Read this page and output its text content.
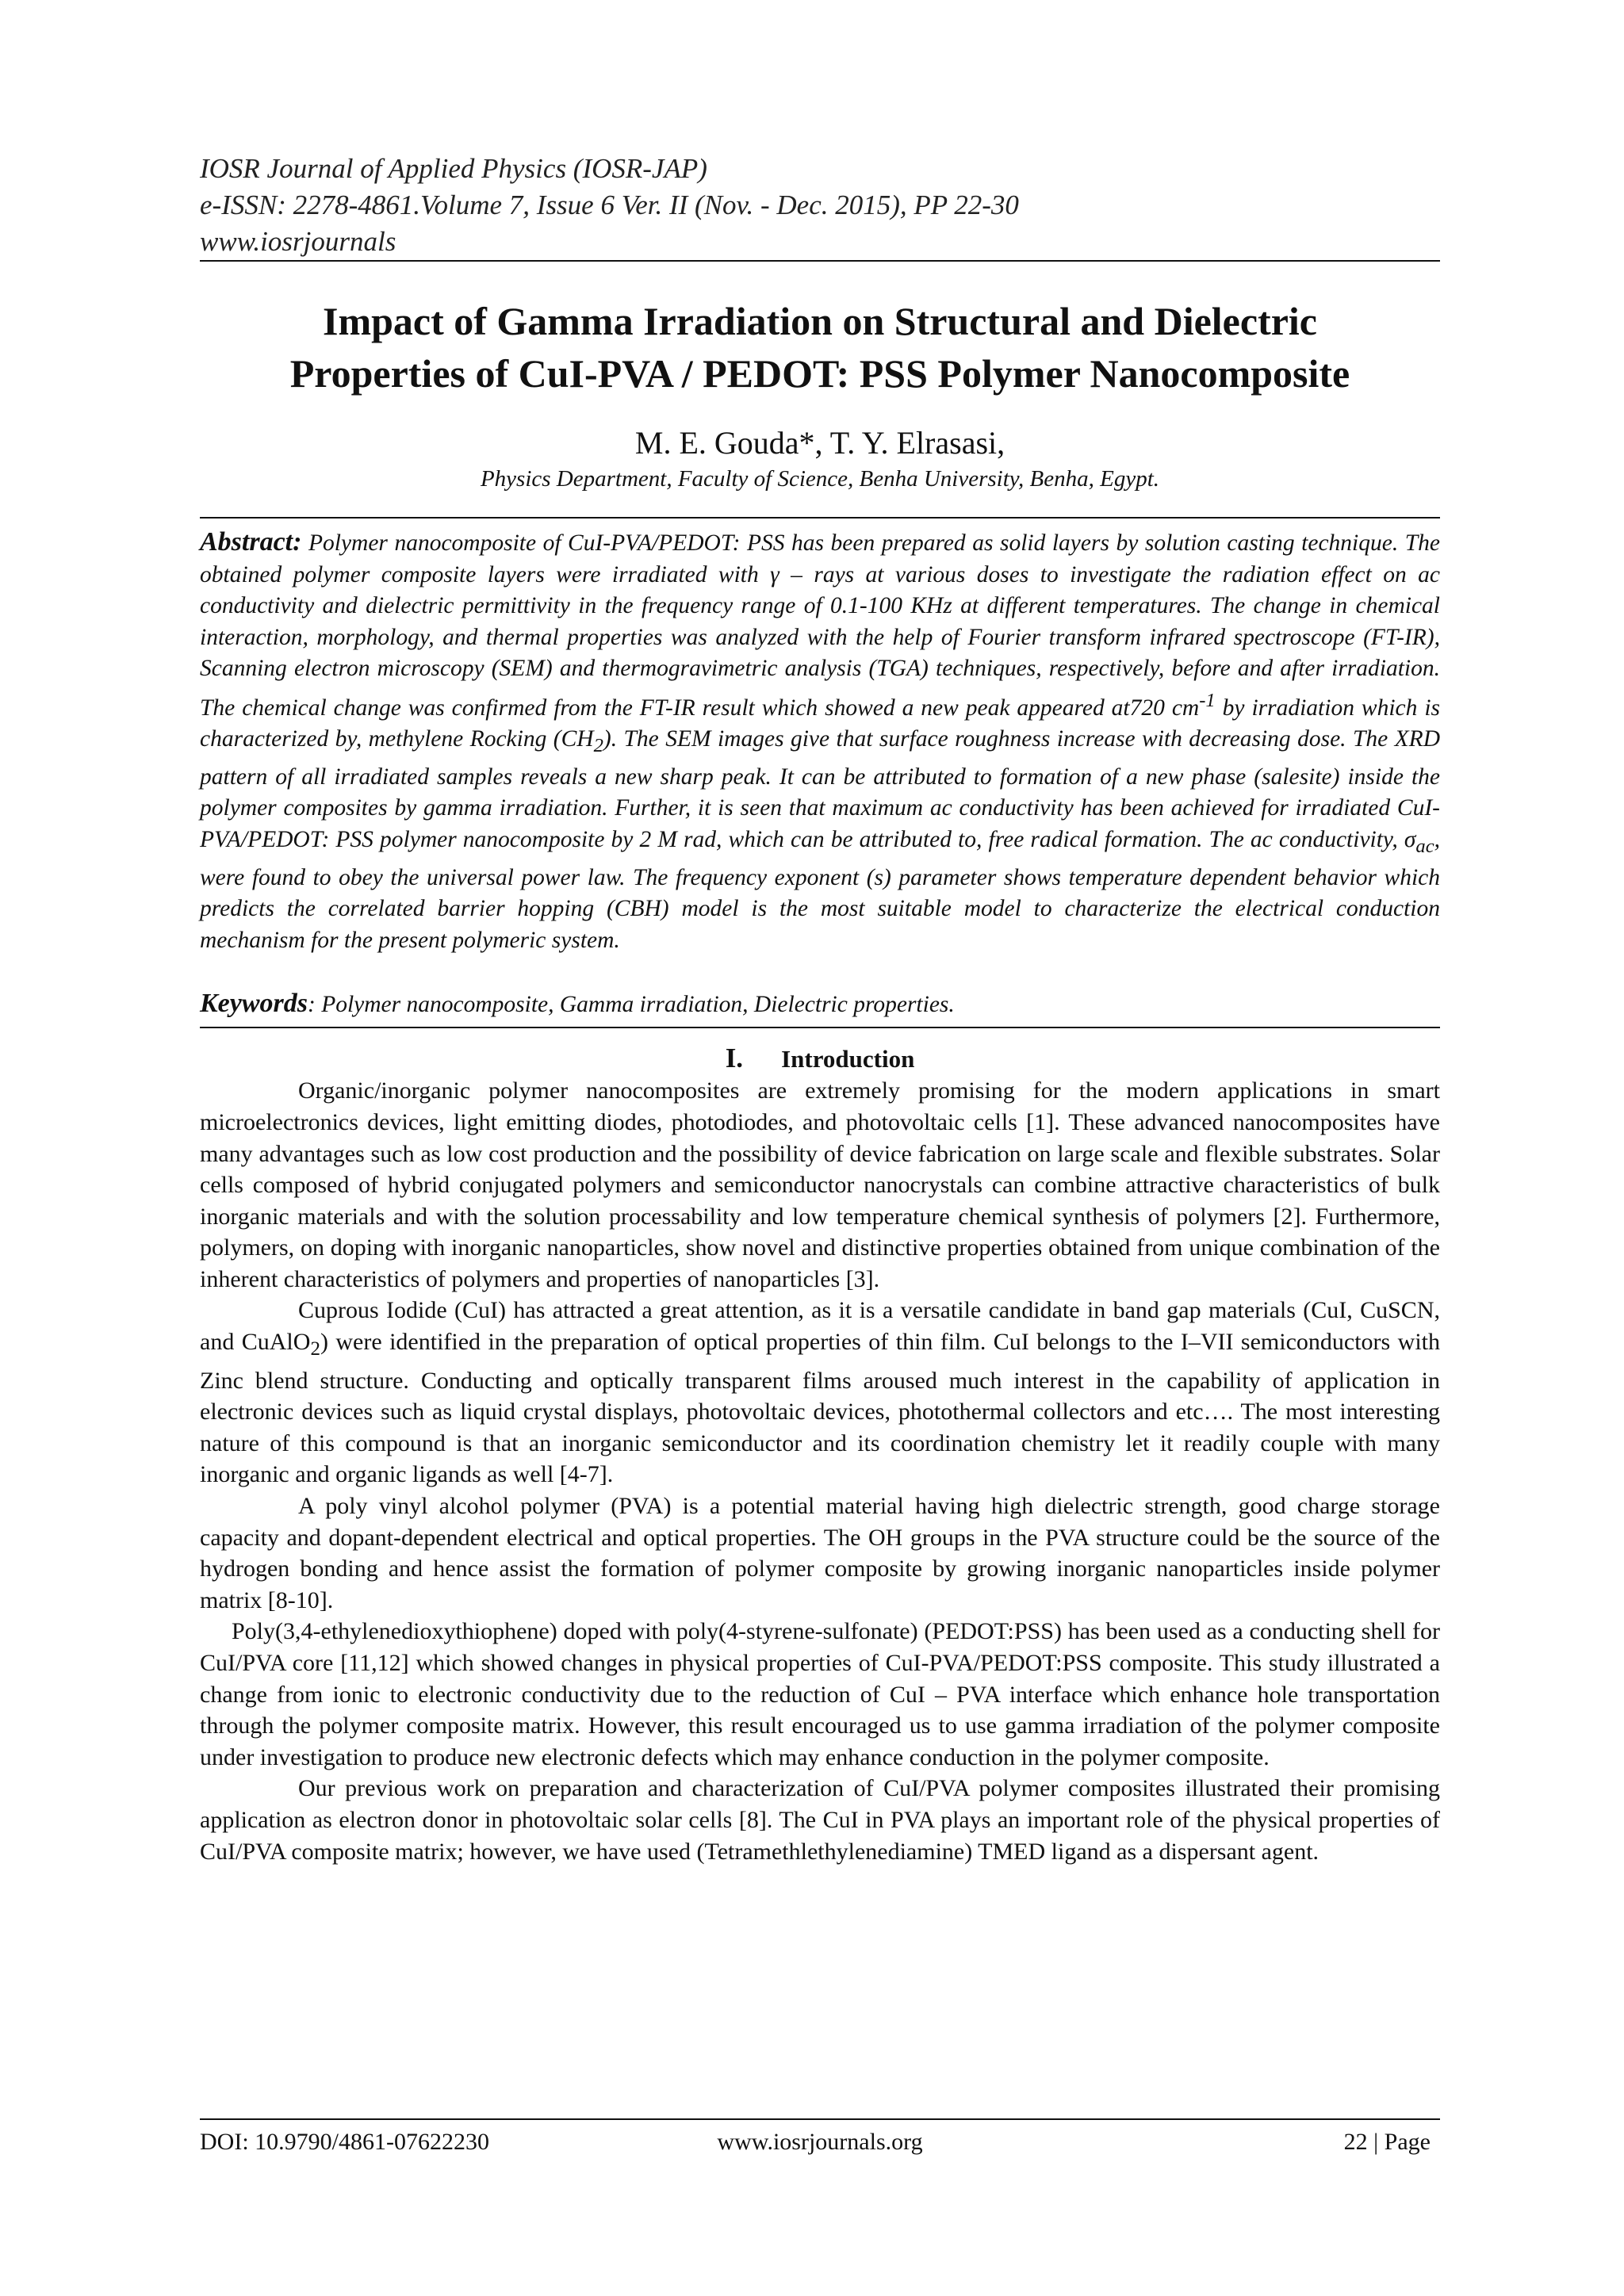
IOSR Journal of Applied Physics (IOSR-JAP)
e-ISSN: 2278-4861.Volume 7, Issue 6 Ver. II (Nov. - Dec. 2015), PP 22-30
www.iosrjournals
Impact of Gamma Irradiation on Structural and Dielectric
Properties of CuI-PVA / PEDOT: PSS Polymer Nanocomposite
M. E. Gouda*, T. Y. Elrasasi,
Physics Department, Faculty of Science, Benha University, Benha, Egypt.

Abstract: Polymer nanocomposite of CuI-PVA/PEDOT: PSS has been prepared as solid layers by solution casting technique. The obtained polymer composite layers were irradiated with γ – rays at various doses to investigate the radiation effect on ac conductivity and dielectric permittivity in the frequency range of 0.1-100 KHz at different temperatures. The change in chemical interaction, morphology, and thermal properties was analyzed with the help of Fourier transform infrared spectroscope (FT-IR), Scanning electron microscopy (SEM) and thermogravimetric analysis (TGA) techniques, respectively, before and after irradiation. The chemical change was confirmed from the FT-IR result which showed a new peak appeared at720 $cm^{-1}$ by irradiation which is characterized by, methylene Rocking $(CH_2)$. The SEM images give that surface roughness increase with decreasing dose. The XRD pattern of all irradiated samples reveals a new sharp peak. It can be attributed to formation of a new phase (salesite) inside the polymer composites by gamma irradiation. Further, it is seen that maximum ac conductivity has been achieved for irradiated CuI-PVA/PEDOT: PSS polymer nanocomposite by 2 M rad, which can be attributed to, free radical formation. The ac conductivity, $\sigma_{ac}$, were found to obey the universal power law. The frequency exponent (s) parameter shows temperature dependent behavior which predicts the correlated barrier hopping (CBH) model is the most suitable model to characterize the electrical conduction mechanism for the present polymeric system.

Keywords: Polymer nanocomposite, Gamma irradiation, Dielectric properties.
I. Introduction

Organic/inorganic polymer nanocomposites are extremely promising for the modern applications in smart microelectronics devices, light emitting diodes, photodiodes, and photovoltaic cells [1]. These advanced nanocomposites have many advantages such as low cost production and the possibility of device fabrication on large scale and flexible substrates. Solar cells composed of hybrid conjugated polymers and semiconductor nanocrystals can combine attractive characteristics of bulk inorganic materials and with the solution processability and low temperature chemical synthesis of polymers [2]. Furthermore, polymers, on doping with inorganic nanoparticles, show novel and distinctive properties obtained from unique combination of the inherent characteristics of polymers and properties of nanoparticles [3].

Cuprous Iodide (CuI) has attracted a great attention, as it is a versatile candidate in band gap materials (CuI, CuSCN, and CuAlO$_2$) were identified in the preparation of optical properties of thin film. CuI belongs to the I–VII semiconductors with Zinc blend structure. Conducting and optically transparent films aroused much interest in the capability of application in electronic devices such as liquid crystal displays, photovoltaic devices, photothermal collectors and etc…. The most interesting nature of this compound is that an inorganic semiconductor and its coordination chemistry let it readily couple with many inorganic and organic ligands as well [4-7].

A poly vinyl alcohol polymer (PVA) is a potential material having high dielectric strength, good charge storage capacity and dopant-dependent electrical and optical properties. The OH groups in the PVA structure could be the source of the hydrogen bonding and hence assist the formation of polymer composite by growing inorganic nanoparticles inside polymer matrix [8-10].

Poly(3,4-ethylenedioxythiophene) doped with poly(4-styrene-sulfonate) (PEDOT:PSS) has been used as a conducting shell for CuI/PVA core [11,12] which showed changes in physical properties of CuI-PVA/PEDOT:PSS composite. This study illustrated a change from ionic to electronic conductivity due to the reduction of CuI – PVA interface which enhance hole transportation through the polymer composite matrix. However, this result encouraged us to use gamma irradiation of the polymer composite under investigation to produce new electronic defects which may enhance conduction in the polymer composite.

Our previous work on preparation and characterization of CuI/PVA polymer composites illustrated their promising application as electron donor in photovoltaic solar cells [8]. The CuI in PVA plays an important role of the physical properties of CuI/PVA composite matrix; however, we have used (Tetramethlethylenediamine) TMED ligand as a dispersant agent.

DOI: 10.9790/4861-07622230	www.iosrjournals.org	22 | Page
